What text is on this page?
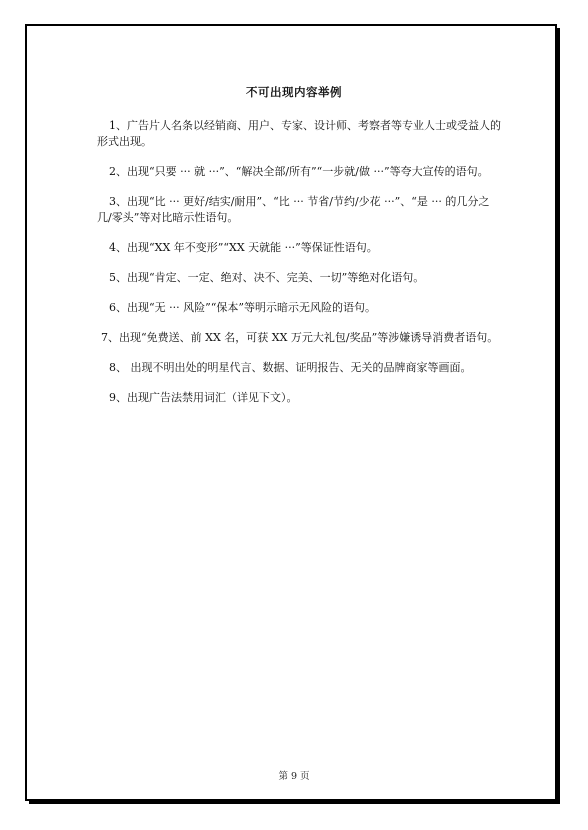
不可出现内容举例

1、广告片人名条以经销商、用户、专家、设计师、考察者等专业人士或受益人的形式出现。

2、出现“只要 ··· 就 ···”、“解决全部/所有”“一步就/做 ···”等夸大宣传的语句。

3、出现“比 ··· 更好/结实/耐用”、“比 ··· 节省/节约/少花 ···”、“是 ··· 的几分之几/零头”等对比暗示性语句。

4、出现“XX 年不变形”“XX 天就能 ···”等保证性语句。

5、出现“肯定、一定、绝对、决不、完美、一切”等绝对化语句。

6、出现“无 ··· 风险”“保本”等明示暗示无风险的语句。

7、出现“免费送、前 XX 名，可获 XX 万元大礼包/奖品”等涉嫌诱导消费者语句。

8、 出现不明出处的明星代言、数据、证明报告、无关的品牌商家等画面。

9、出现广告法禁用词汇（详见下文）。

第 9 页
